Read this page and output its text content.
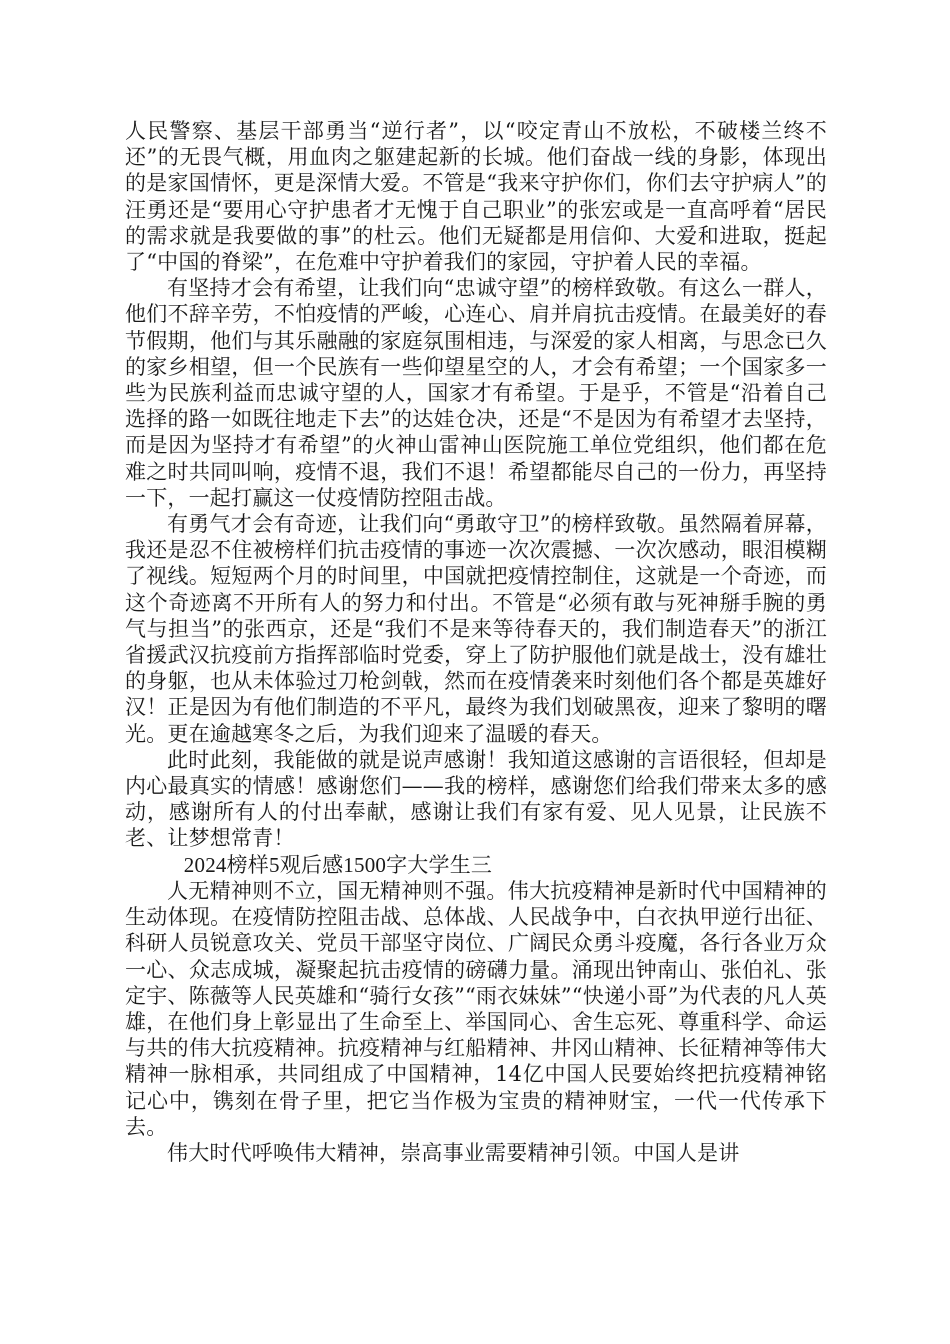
人民警察、基层干部勇当“逆行者”，以“咬定青山不放松，不破楼兰终不还”的无畏气概，用血肉之躯建起新的长城。他们奋战一线的身影，体现出的是家国情怀，更是深情大爱。不管是“我来守护你们，你们去守护病人”的汪勇还是“要用心守护患者才无愧于自己职业”的张宏或是一直高呼着“居民的需求就是我要做的事”的杜云。他们无疑都是用信仰、大爱和进取，挺起了“中国的脊梁”，在危难中守护着我们的家园，守护着人民的幸福。

有坚持才会有希望，让我们向“忠诚守望”的榜样致敬。有这么一群人，他们不辞辛劳，不怕疫情的严峻，心连心、肩并肩抗击疫情。在最美好的春节假期，他们与其乐融融的家庭氛围相违，与深爱的家人相离，与思念已久的家乡相望，但一个民族有一些仰望星空的人，才会有希望；一个国家多一些为民族利益而忠诚守望的人，国家才有希望。于是乎，不管是“沿着自己选择的路一如既往地走下去”的达娃仓决，还是“不是因为有希望才去坚持，而是因为坚持才有希望”的火神山雷神山医院施工单位党组织，他们都在危难之时共同叫响，疫情不退，我们不退！希望都能尽自己的一份力，再坚持一下，一起打赢这一仗疫情防控阻击战。

有勇气才会有奇迹，让我们向“勇敢守卫”的榜样致敬。虽然隔着屏幕，我还是忍不住被榜样们抗击疫情的事迹一次次震撼、一次次感动，眼泪模糊了视线。短短两个月的时间里，中国就把疫情控制住，这就是一个奇迹，而这个奇迹离不开所有人的努力和付出。不管是“必须有敢与死神掰手腕的勇气与担当”的张西京，还是“我们不是来等待春天的，我们制造春天”的浙江省援武汉抗疫前方指挥部临时党委，穿上了防护服他们就是战士，没有雄壮的身躯，也从未体验过刀枪剑戟，然而在疫情袭来时刻他们各个都是英雄好汉！正是因为有他们制造的不平凡，最终为我们划破黑夜，迎来了黎明的曙光。更在逾越寒冬之后，为我们迎来了温暖的春天。

此时此刻，我能做的就是说声感谢！我知道这感谢的言语很轻，但却是内心最真实的情感！感谢您们——我的榜样，感谢您们给我们带来太多的感动，感谢所有人的付出奉献，感谢让我们有家有爱、见人见景，让民族不老、让梦想常青！

2024榜样5观后感1500字大学生三

人无精神则不立，国无精神则不强。伟大抗疫精神是新时代中国精神的生动体现。在疫情防控阻击战、总体战、人民战争中，白衣执甲逆行出征、科研人员锐意攻关、党员干部坚守岗位、广阔民众勇斗疫魔，各行各业万众一心、众志成城，凝聚起抗击疫情的磅礴力量。涌现出钟南山、张伯礼、张定宇、陈薇等人民英雄和“骑行女孩”“雨衣妹妹”“快递小哥”为代表的凡人英雄，在他们身上彰显出了生命至上、举国同心、舍生忘死、尊重科学、命运与共的伟大抗疫精神。抗疫精神与红船精神、井冈山精神、长征精神等伟大精神一脉相承，共同组成了中国精神，14亿中国人民要始终把抗疫精神铭记心中，镌刻在骨子里，把它当作极为宝贵的精神财宝，一代一代传承下去。

伟大时代呼唤伟大精神，崇高事业需要精神引领。中国人是讲
